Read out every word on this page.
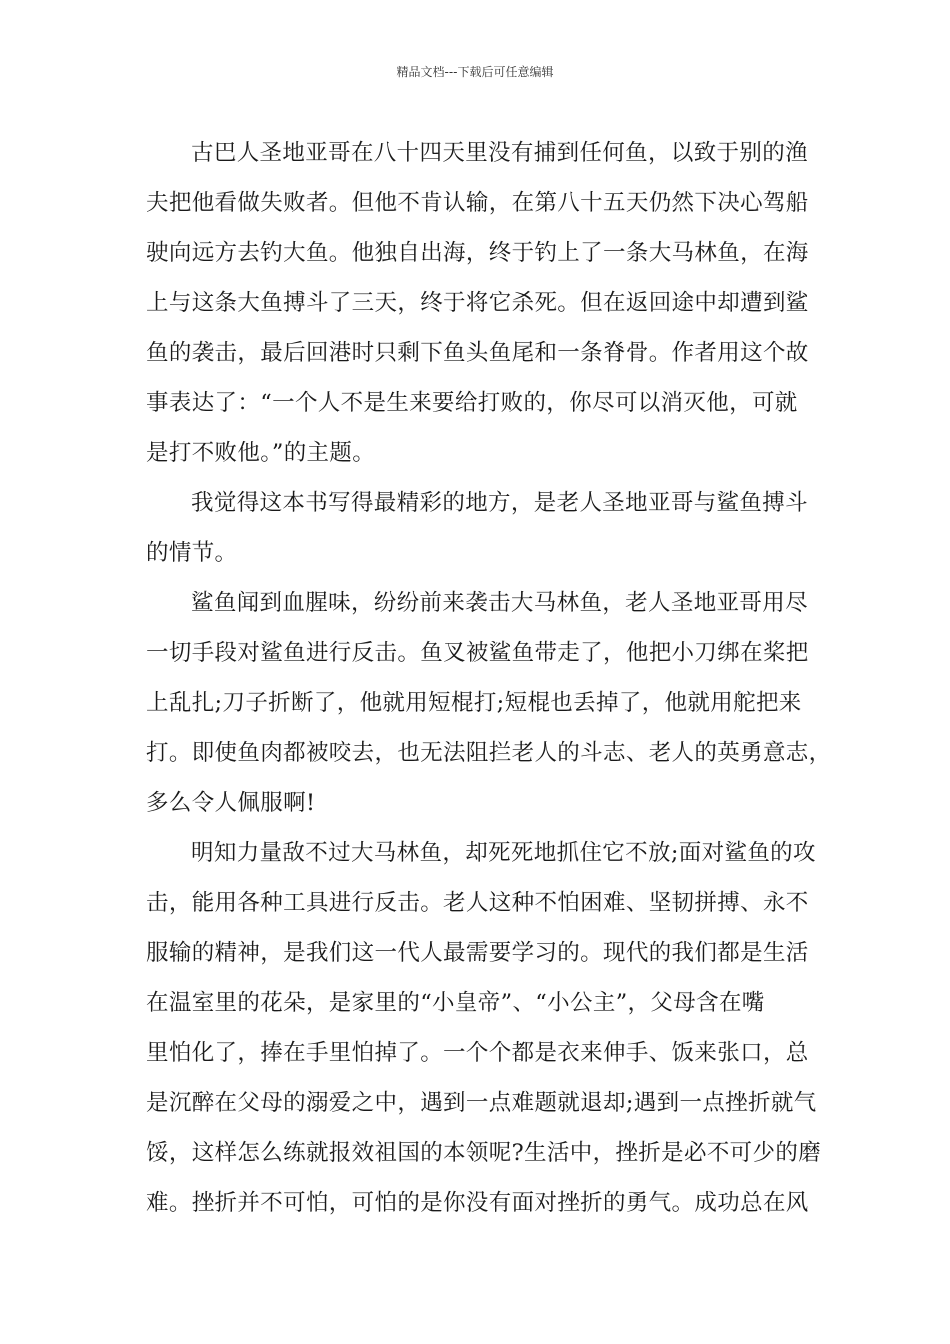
精品文档---下载后可任意编辑
古巴人圣地亚哥在八十四天里没有捕到任何鱼，以致于别的渔
夫把他看做失败者。但他不肯认输，在第八十五天仍然下决心驾船
驶向远方去钓大鱼。他独自出海，终于钓上了一条大马林鱼，在海
上与这条大鱼搏斗了三天，终于将它杀死。但在返回途中却遭到鲨
鱼的袭击，最后回港时只剩下鱼头鱼尾和一条脊骨。作者用这个故
事表达了：“一个人不是生来要给打败的，你尽可以消灭他，可就
是打不败他。”的主题。
我觉得这本书写得最精彩的地方，是老人圣地亚哥与鲨鱼搏斗
的情节。
鲨鱼闻到血腥味，纷纷前来袭击大马林鱼，老人圣地亚哥用尽
一切手段对鲨鱼进行反击。鱼叉被鲨鱼带走了，他把小刀绑在桨把
上乱扎;刀子折断了，他就用短棍打;短棍也丢掉了，他就用舵把来
打。即使鱼肉都被咬去，也无法阻拦老人的斗志、老人的英勇意志，
多么令人佩服啊!
明知力量敌不过大马林鱼，却死死地抓住它不放;面对鲨鱼的攻
击，能用各种工具进行反击。老人这种不怕困难、坚韧拼搏、永不
服输的精神，是我们这一代人最需要学习的。现代的我们都是生活
在温室里的花朵，是家里的“小皇帝”、“小公主”，父母含在嘴
里怕化了，捧在手里怕掉了。一个个都是衣来伸手、饭来张口，总
是沉醉在父母的溺爱之中，遇到一点难题就退却;遇到一点挫折就气
馁，这样怎么练就报效祖国的本领呢?生活中，挫折是必不可少的磨
难。挫折并不可怕，可怕的是你没有面对挫折的勇气。成功总在风
